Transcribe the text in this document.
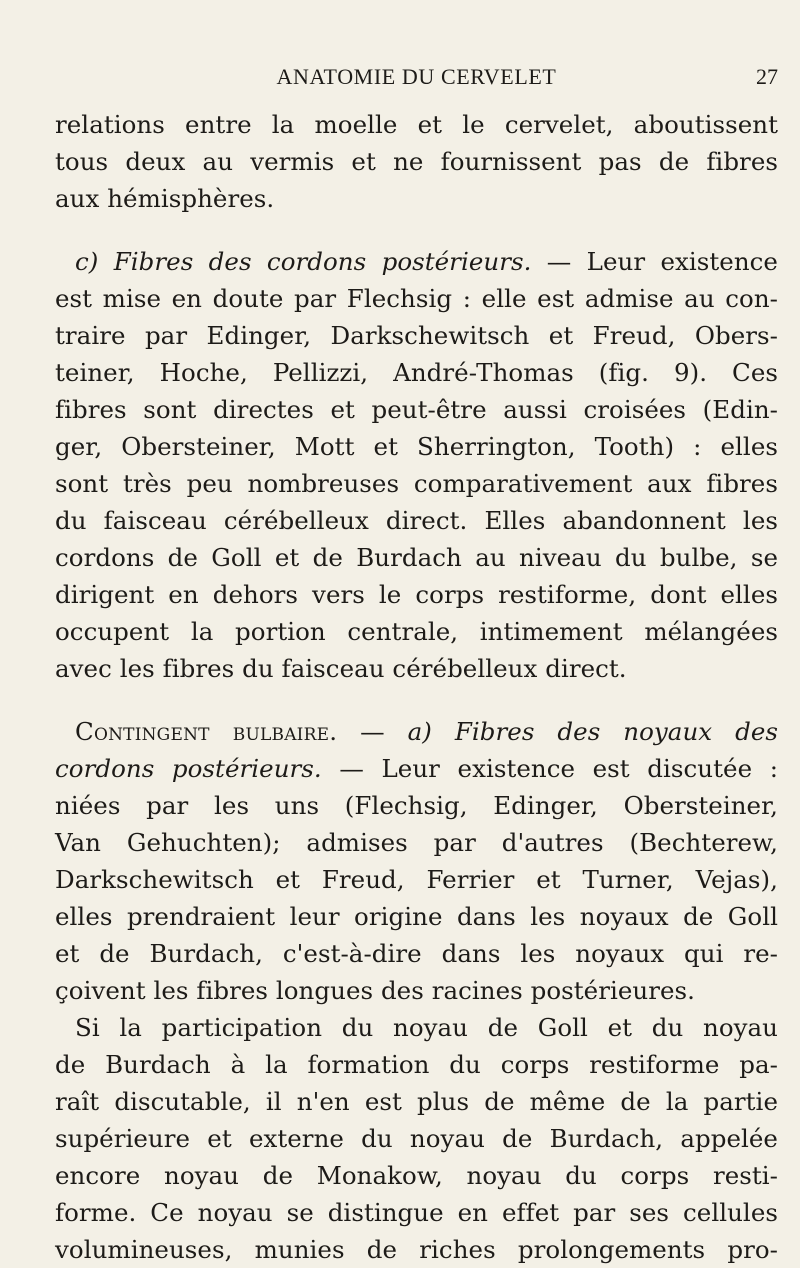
ANATOMIE DU CERVELET	27
relations entre la moelle et le cervelet, aboutissent
tous deux au vermis et ne fournissent pas de fibres
aux hémisphères.
c) Fibres des cordons postérieurs. — Leur existence
est mise en doute par Flechsig : elle est admise au con-
traire par Edinger, Darkschewitsch et Freud, Obers-
teiner, Hoche, Pellizzi, André-Thomas (fig. 9). Ces
fibres sont directes et peut-être aussi croisées (Edin-
ger, Obersteiner, Mott et Sherrington, Tooth) : elles
sont très peu nombreuses comparativement aux fibres
du faisceau cérébelleux direct. Elles abandonnent les
cordons de Goll et de Burdach au niveau du bulbe, se
dirigent en dehors vers le corps restiforme, dont elles
occupent la portion centrale, intimement mélangées
avec les fibres du faisceau cérébelleux direct.
Contingent bulbaire. — a) Fibres des noyaux des
cordons postérieurs. — Leur existence est discutée :
niées par les uns (Flechsig, Edinger, Obersteiner,
Van Gehuchten); admises par d'autres (Bechterew,
Darkschewitsch et Freud, Ferrier et Turner, Vejas),
elles prendraient leur origine dans les noyaux de Goll
et de Burdach, c'est-à-dire dans les noyaux qui re-
çoivent les fibres longues des racines postérieures.
Si la participation du noyau de Goll et du noyau
de Burdach à la formation du corps restiforme pa-
raît discutable, il n'en est plus de même de la partie
supérieure et externe du noyau de Burdach, appelée
encore noyau de Monakow, noyau du corps resti-
forme. Ce noyau se distingue en effet par ses cellules
volumineuses, munies de riches prolongements pro-
